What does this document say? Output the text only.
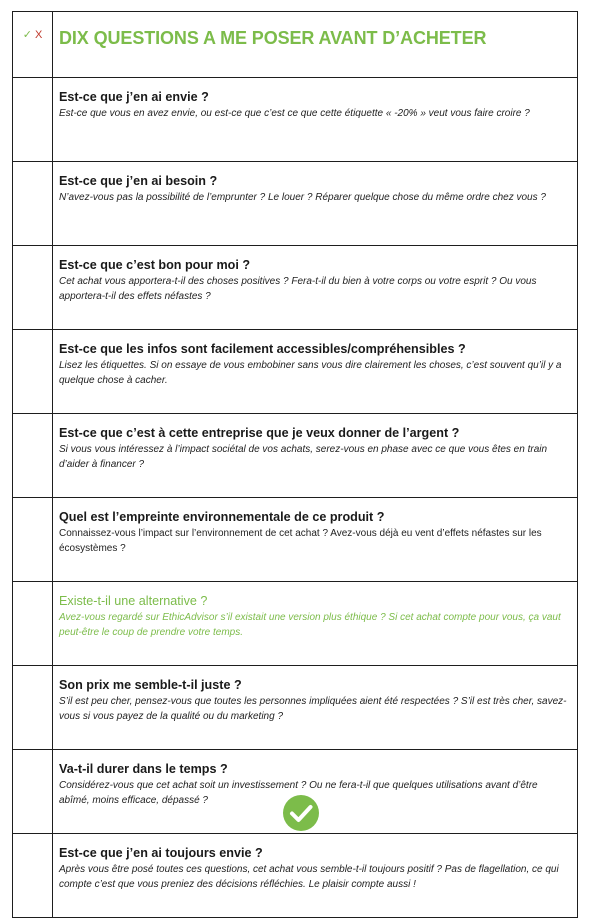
✓ X	DIX QUESTIONS A ME POSER AVANT D’ACHETER

	Est-ce que j’en ai envie ?
Est-ce que vous en avez envie, ou est-ce que c’est ce que cette étiquette « -20% » veut vous faire croire ?

	Est-ce que j’en ai besoin ?
N’avez-vous pas la possibilité de l’emprunter ? Le louer ? Réparer quelque chose du même ordre chez vous ?

	Est-ce que c’est bon pour moi ?
Cet achat vous apportera-t-il des choses positives ? Fera-t-il du bien à votre corps ou votre esprit ? Ou vous apportera-t-il des effets néfastes ?

	Est-ce que les infos sont facilement accessibles/compréhensibles ?
Lisez les étiquettes. Si on essaye de vous embobiner sans vous dire clairement les choses, c’est souvent qu’il y a quelque chose à cacher.

	Est-ce que c’est à cette entreprise que je veux donner de l’argent ?
Si vous vous intéressez à l’impact sociétal de vos achats, serez-vous en phase avec ce que vous êtes en train d’aider à financer ?

	Quel est l’empreinte environnementale de ce produit ?
Connaissez-vous l’impact sur l’environnement de cet achat ? Avez-vous déjà eu vent d’effets néfastes sur les écosystèmes ?

	Existe-t-il une alternative ?
Avez-vous regardé sur EthicAdvisor s’il existait une version plus éthique ? Si cet achat compte pour vous, ça vaut peut-être le coup de prendre votre temps.

	Son prix me semble-t-il juste ?
S’il est peu cher, pensez-vous que toutes les personnes impliquées aient été respectées ? S’il est très cher, savez-vous si vous payez de la qualité ou du marketing ?

	Va-t-il durer dans le temps ?
Considérez-vous que cet achat soit un investissement ? Ou ne fera-t-il que quelques utilisations avant d’être abîmé, moins efficace, dépassé ?

	Est-ce que j’en ai toujours envie ?
Après vous être posé toutes ces questions, cet achat vous semble-t-il toujours positif ? Pas de flagellation, ce qui compte c’est que vous preniez des décisions réfléchies. Le plaisir compte aussi !
